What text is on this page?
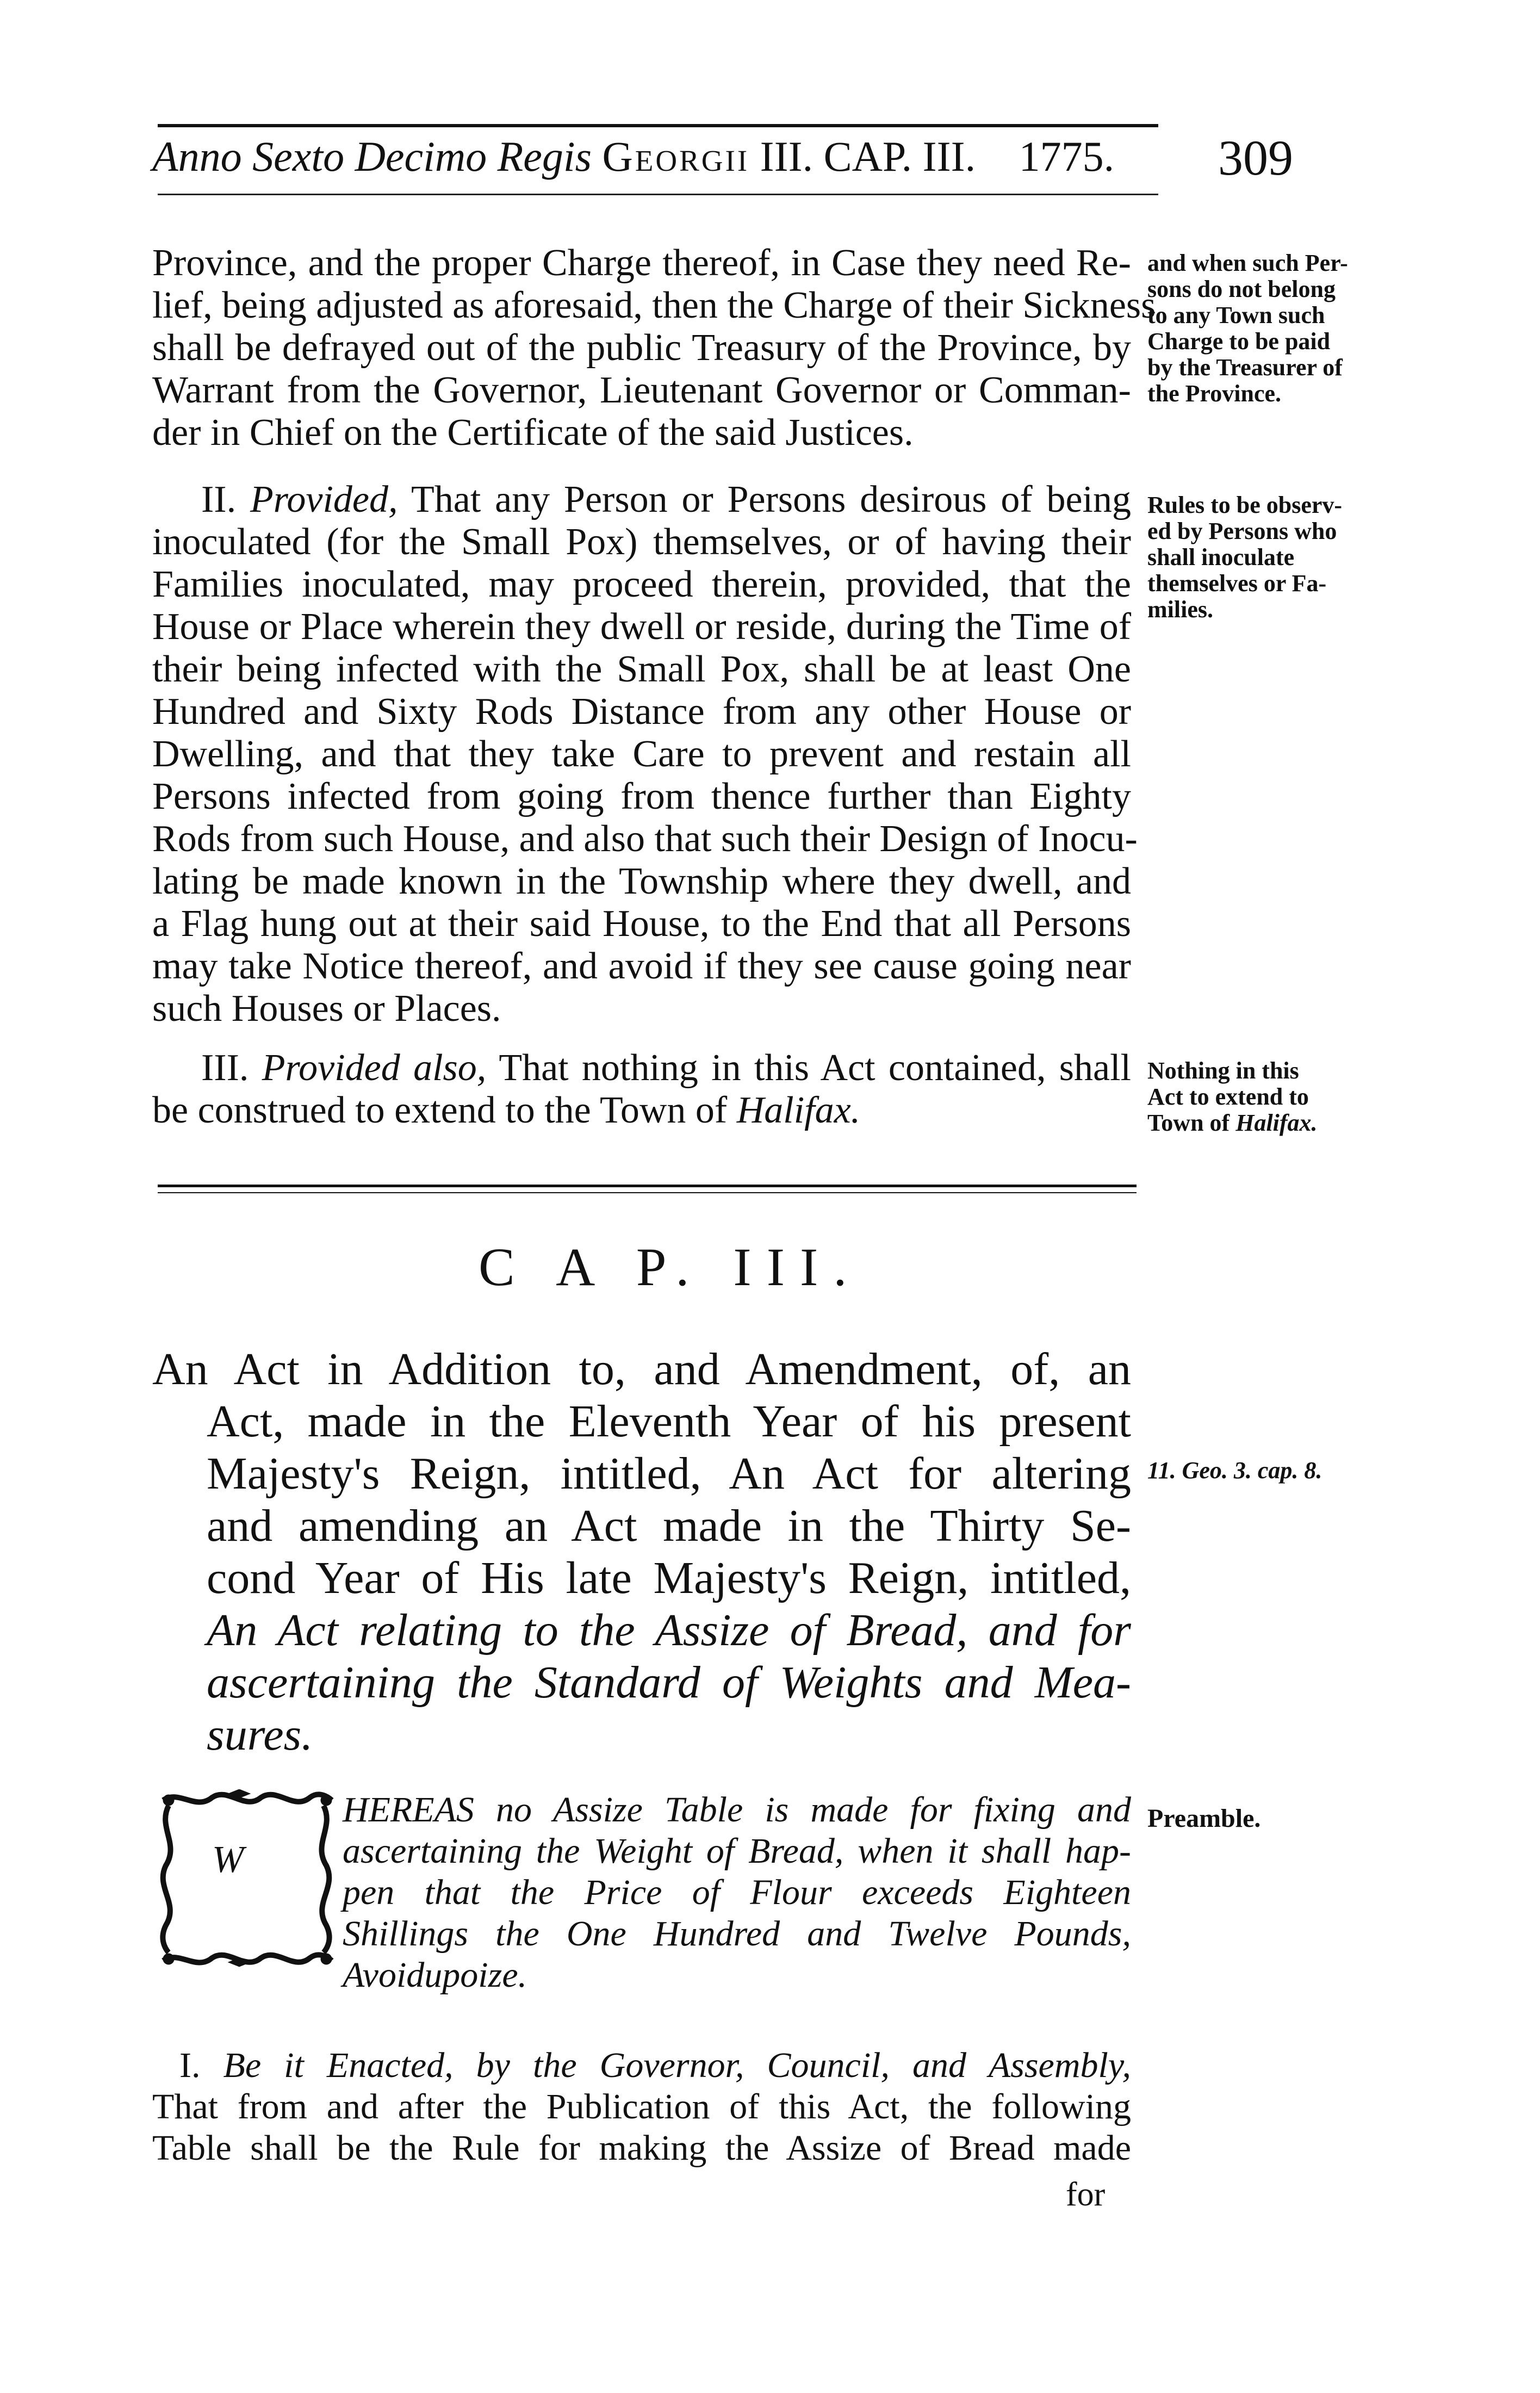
Anno Sexto Decimo Regis Georgii III. CAP. III. 1775.	309
Province, and the proper Charge thereof, in Case they need Re-
lief, being adjusted as aforesaid, then the Charge of their Sickness
shall be defrayed out of the public Treasury of the Province, by
Warrant from the Governor, Lieutenant Governor or Comman-
der in Chief on the Certificate of the said Justices.
and when such Per-
sons do not belong
to any Town such
Charge to be paid
by the Treasurer of
the Province.
II. Provided, That any Person or Persons desirous of being
inoculated (for the Small Pox) themselves, or of having their
Families inoculated, may proceed therein, provided, that the
House or Place wherein they dwell or reside, during the Time of
their being infected with the Small Pox, shall be at least One
Hundred and Sixty Rods Distance from any other House or
Dwelling, and that they take Care to prevent and restain all
Persons infected from going from thence further than Eighty
Rods from such House, and also that such their Design of Inocu-
lating be made known in the Township where they dwell, and
a Flag hung out at their said House, to the End that all Persons
may take Notice thereof, and avoid if they see cause going near
such Houses or Places.
Rules to be observ-
ed by Persons who
shall inoculate
themselves or Fa-
milies.
III. Provided also, That nothing in this Act contained, shall
be construed to extend to the Town of Halifax.
Nothing in this
Act to extend to
Town of Halifax.
C A P. III.
An Act in Addition to, and Amendment, of, an
Act, made in the Eleventh Year of his present
Majesty's Reign, intitled, An Act for altering
and amending an Act made in the Thirty Se-
cond Year of His late Majesty's Reign, intitled,
An Act relating to the Assize of Bread, and for
ascertaining the Standard of Weights and Mea-
sures.
11. Geo. 3. cap. 8.
W
HEREAS no Assize Table is made for fixing and
ascertaining the Weight of Bread, when it shall hap-
pen that the Price of Flour exceeds Eighteen
Shillings the One Hundred and Twelve Pounds,
Avoidupoize.
Preamble.
I. Be it Enacted, by the Governor, Council, and Assembly,
That from and after the Publication of this Act, the following
Table shall be the Rule for making the Assize of Bread made
for
